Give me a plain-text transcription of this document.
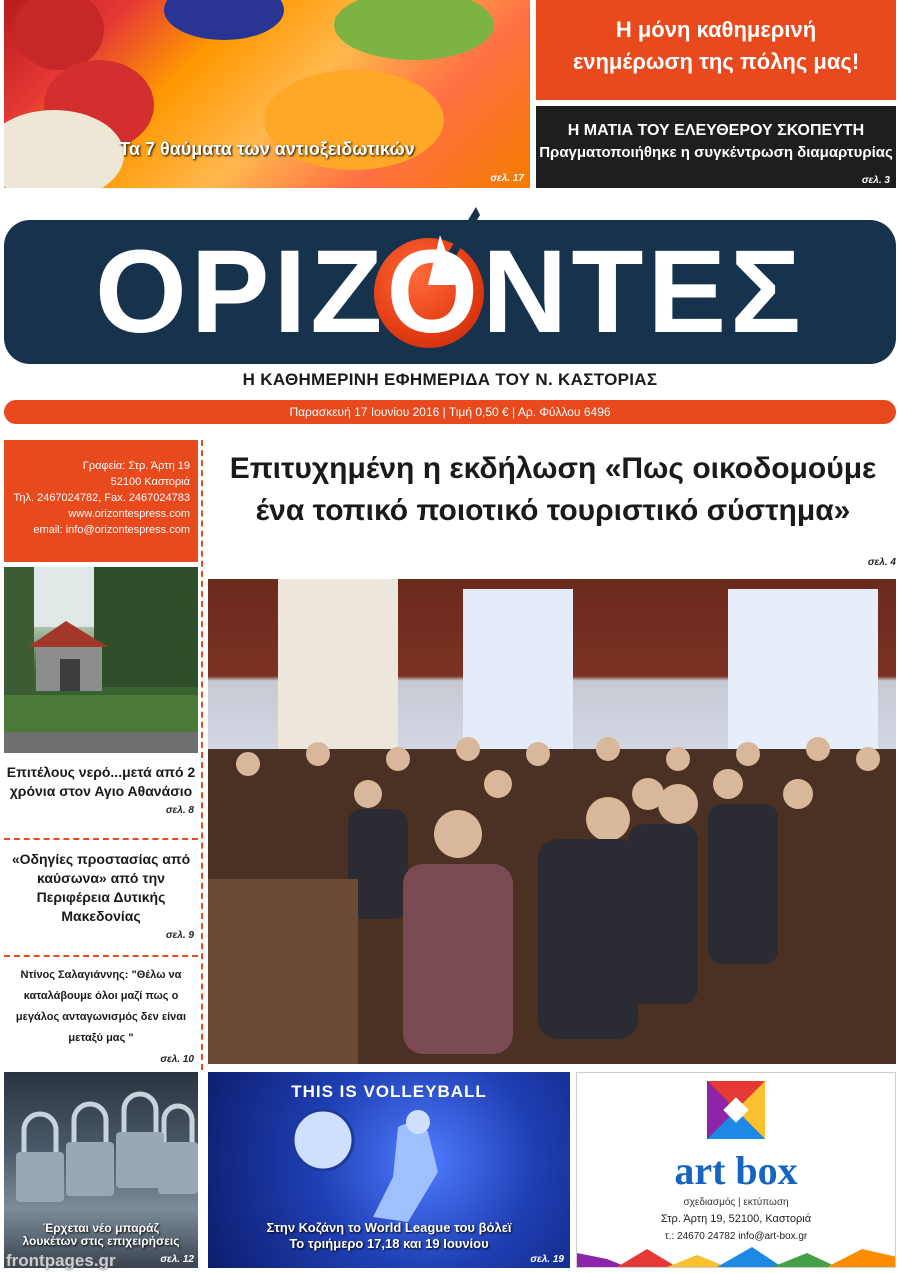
Τα 7 θαύματα των αντιοξειδωτικών
σελ. 17
Η μόνη καθημερινή
ενημέρωση της πόλης μας!
Η ΜΑΤΙΑ ΤΟΥ ΕΛΕΥΘΕΡΟΥ ΣΚΟΠΕΥΤΗ
Πραγματοποιήθηκε η συγκέντρωση διαμαρτυρίας
σελ. 3
ΟΡΙΖΟΝΤΕΣ
Η ΚΑΘΗΜΕΡΙΝΗ ΕΦΗΜΕΡΙΔΑ ΤΟΥ Ν. ΚΑΣΤΟΡΙΑΣ
Παρασκευή 17 Ιουνίου 2016 | Τιμή 0,50 € | Αρ. Φύλλου 6496
Γραφεία: Στρ. Άρτη 19
52100 Καστοριά
Τηλ. 2467024782, Fax. 2467024783
www.orizontespress.com
email: info@orizontespress.com
Επιτυχημένη η εκδήλωση «Πως οικοδομούμε
ένα τοπικό ποιοτικό τουριστικό σύστημα»
σελ. 4
Επιτέλους νερό...μετά από 2 χρόνια στον Αγιο Αθανάσιο
σελ. 8
«Οδηγίες προστασίας από καύσωνα» από την Περιφέρεια Δυτικής Μακεδονίας
σελ. 9
Ντίνος Σαλαγιάννης: "Θέλω να καταλάβουμε όλοι μαζί πως ο μεγάλος ανταγωνισμός δεν είναι μεταξύ μας "
σελ. 10
Έρχεται νέο μπαράζ
λουκέτων στις επιχειρήσεις
σελ. 12
THIS IS VOLLEYBALL
Στην Κοζάνη το World League του βόλεϊ
Το τριήμερο 17,18 και 19 Ιουνίου
σελ. 19
art box
σχεδιασμός | εκτύπωση
Στρ. Άρτη 19, 52100, Καστοριά
τ.: 24670 24782 info@art-box.gr
frontpages.gr
